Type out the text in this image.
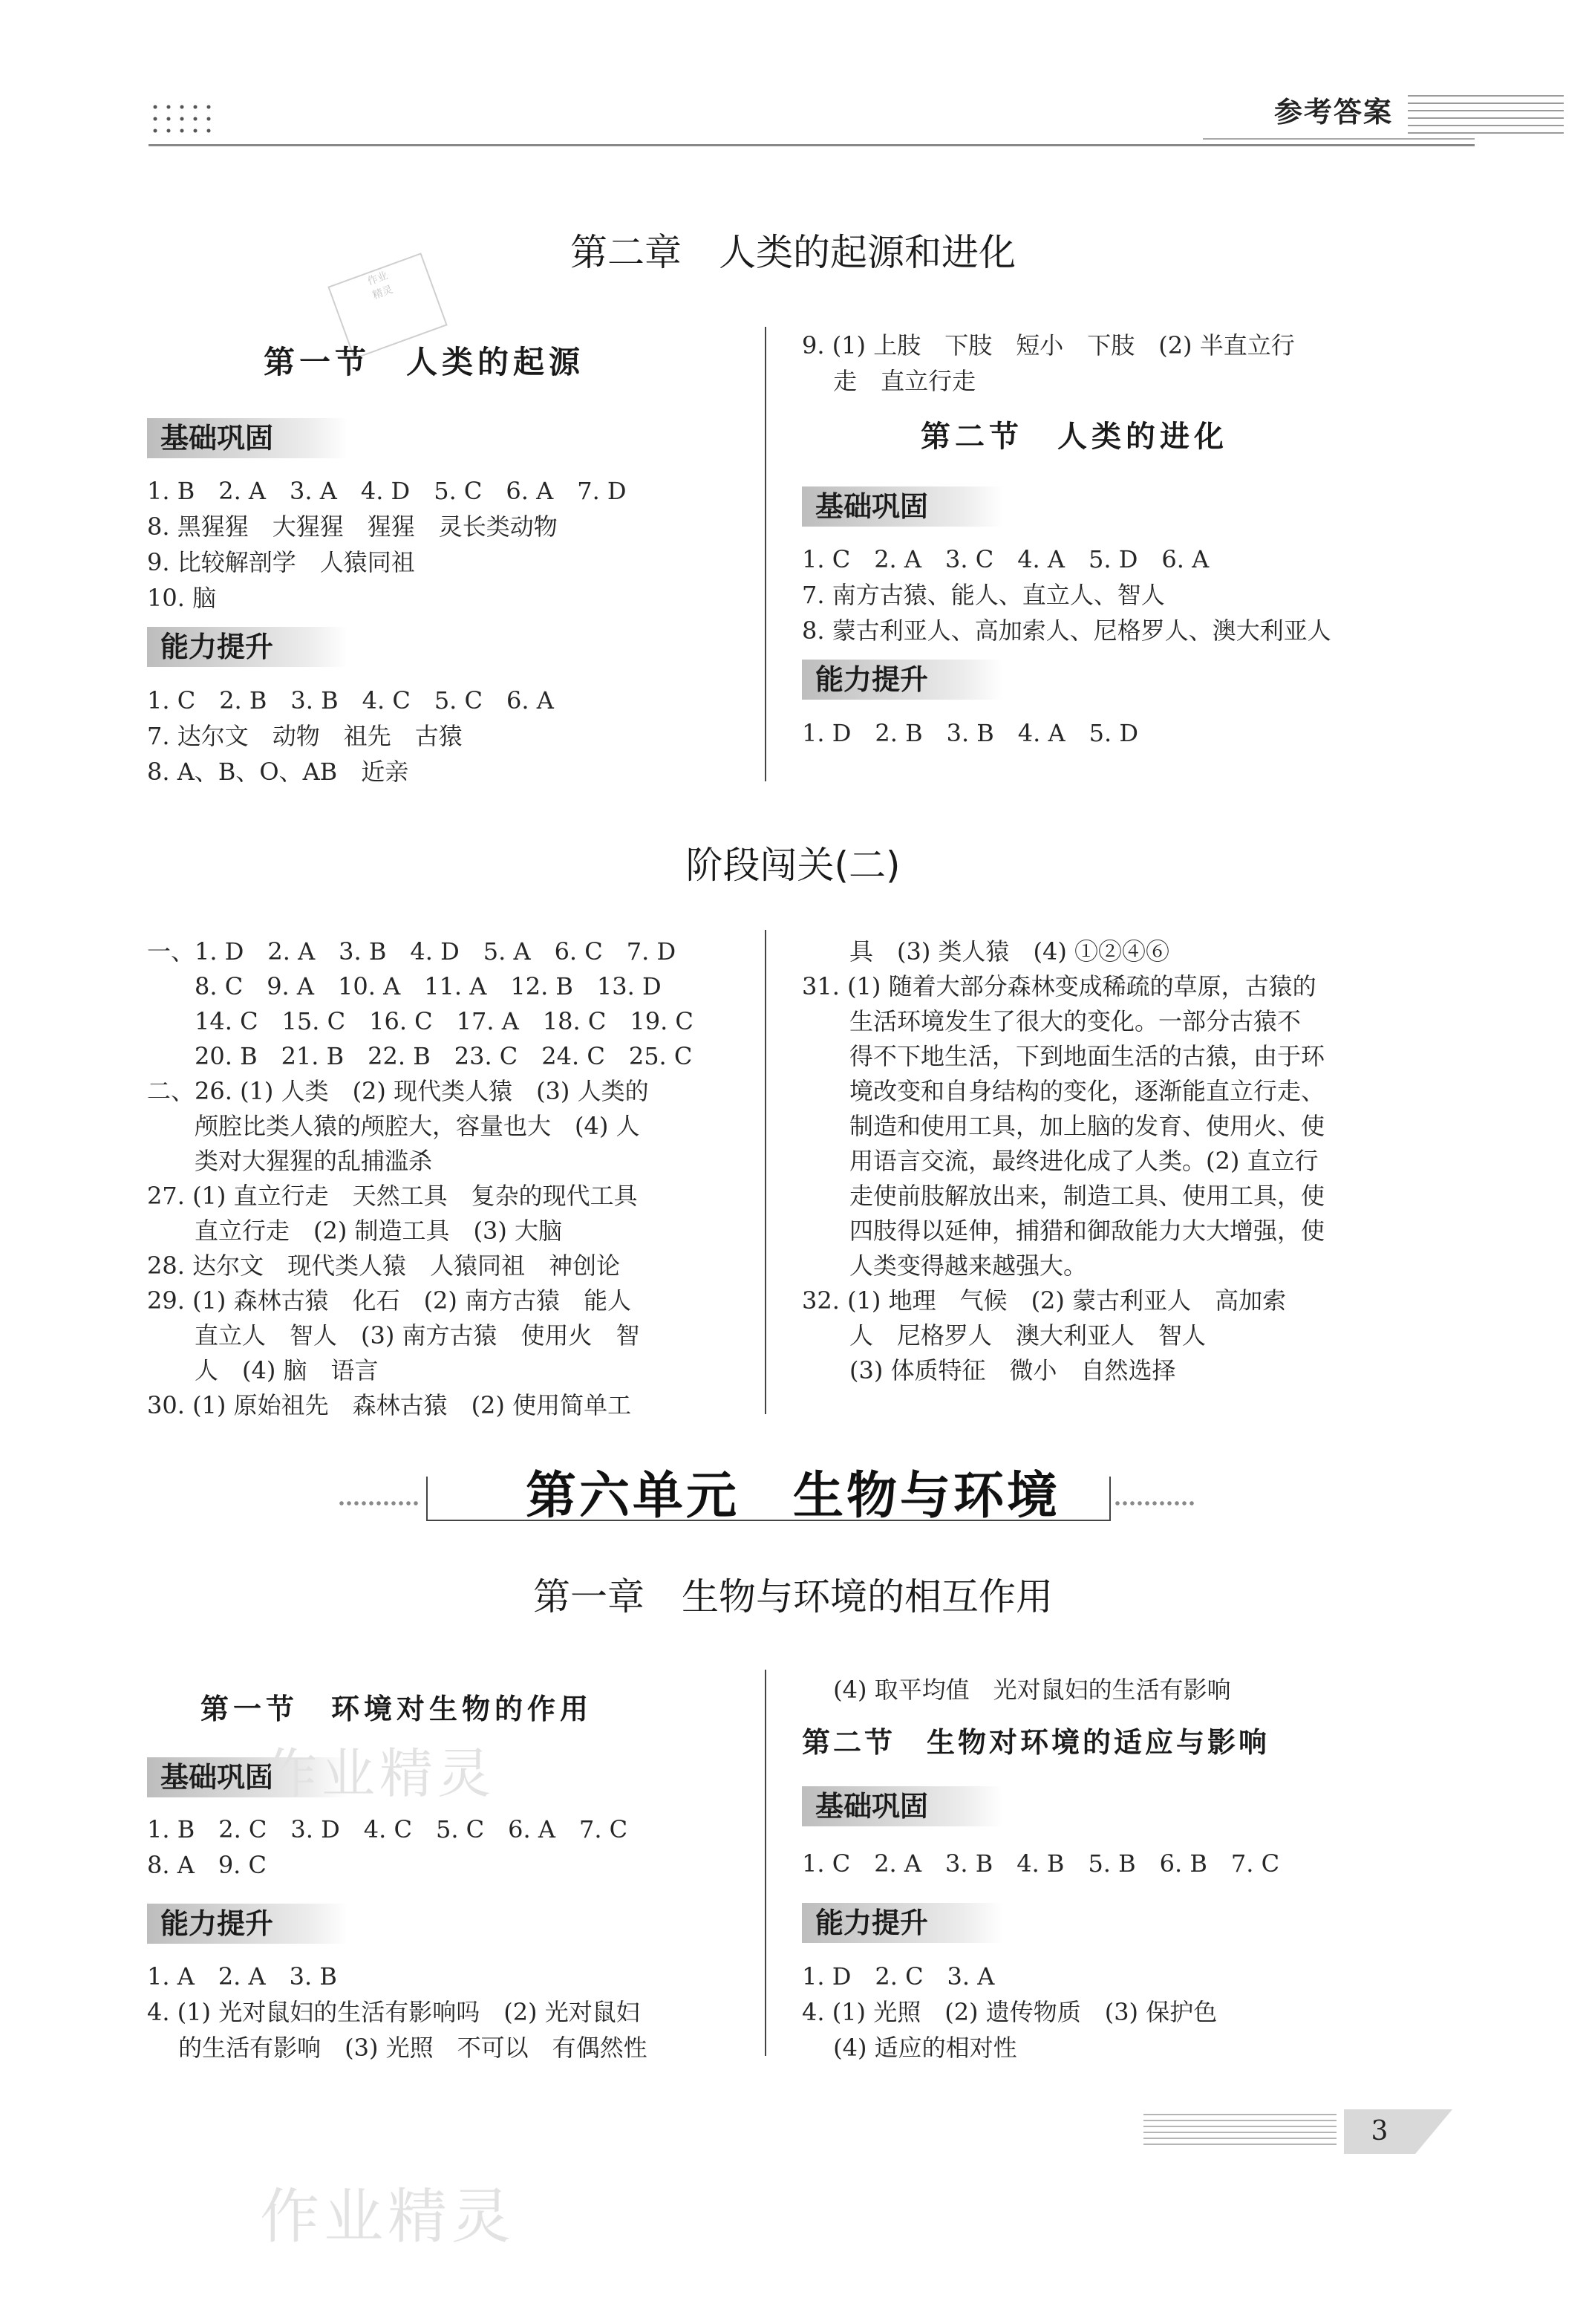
参考答案
第二章　人类的起源和进化
作业
精灵
第一节　人类的起源
基础巩固
1. B　2. A　3. A　4. D　5. C　6. A　7. D
8. 黑猩猩　大猩猩　猩猩　灵长类动物
9. 比较解剖学　人猿同祖
10. 脑
能力提升
1. C　2. B　3. B　4. C　5. C　6. A
7. 达尔文　动物　祖先　古猿
8. A、B、O、AB　近亲
9. (1) 上肢　下肢　短小　下肢　(2) 半直立行
　 走　直立行走
第二节　人类的进化
基础巩固
1. C　2. A　3. C　4. A　5. D　6. A
7. 南方古猿、能人、直立人、智人
8. 蒙古利亚人、高加索人、尼格罗人、澳大利亚人
能力提升
1. D　2. B　3. B　4. A　5. D
阶段闯关(二)
一、1. D　2. A　3. B　4. D　5. A　6. C　7. D
　　8. C　9. A　10. A　11. A　12. B　13. D
　　14. C　15. C　16. C　17. A　18. C　19. C
　　20. B　21. B　22. B　23. C　24. C　25. C
二、26. (1) 人类　(2) 现代类人猿　(3) 人类的
　　颅腔比类人猿的颅腔大，容量也大　(4) 人
　　类对大猩猩的乱捕滥杀
27. (1) 直立行走　天然工具　复杂的现代工具
　　直立行走　(2) 制造工具　(3) 大脑
28. 达尔文　现代类人猿　人猿同祖　神创论
29. (1) 森林古猿　化石　(2) 南方古猿　能人
　　直立人　智人　(3) 南方古猿　使用火　智
　　人　(4) 脑　语言
30. (1) 原始祖先　森林古猿　(2) 使用简单工
　　具　(3) 类人猿　(4) ①②④⑥
31. (1) 随着大部分森林变成稀疏的草原，古猿的
　　生活环境发生了很大的变化。一部分古猿不
　　得不下地生活，下到地面生活的古猿，由于环
　　境改变和自身结构的变化，逐渐能直立行走、
　　制造和使用工具，加上脑的发育、使用火、使
　　用语言交流，最终进化成了人类。(2) 直立行
　　走使前肢解放出来，制造工具、使用工具，使
　　四肢得以延伸，捕猎和御敌能力大大增强，使
　　人类变得越来越强大。
32. (1) 地理　气候　(2) 蒙古利亚人　高加索
　　人　尼格罗人　澳大利亚人　智人
　　(3) 体质特征　微小　自然选择
第六单元　生物与环境
第一章　生物与环境的相互作用
第一节　环境对生物的作用
基础巩固
1. B　2. C　3. D　4. C　5. C　6. A　7. C
8. A　9. C
能力提升
1. A　2. A　3. B
4. (1) 光对鼠妇的生活有影响吗　(2) 光对鼠妇
　 的生活有影响　(3) 光照　不可以　有偶然性
　 (4) 取平均值　光对鼠妇的生活有影响
第二节　生物对环境的适应与影响
基础巩固
1. C　2. A　3. B　4. B　5. B　6. B　7. C
能力提升
1. D　2. C　3. A
4. (1) 光照　(2) 遗传物质　(3) 保护色
　 (4) 适应的相对性
作业精灵
作业精灵
3
